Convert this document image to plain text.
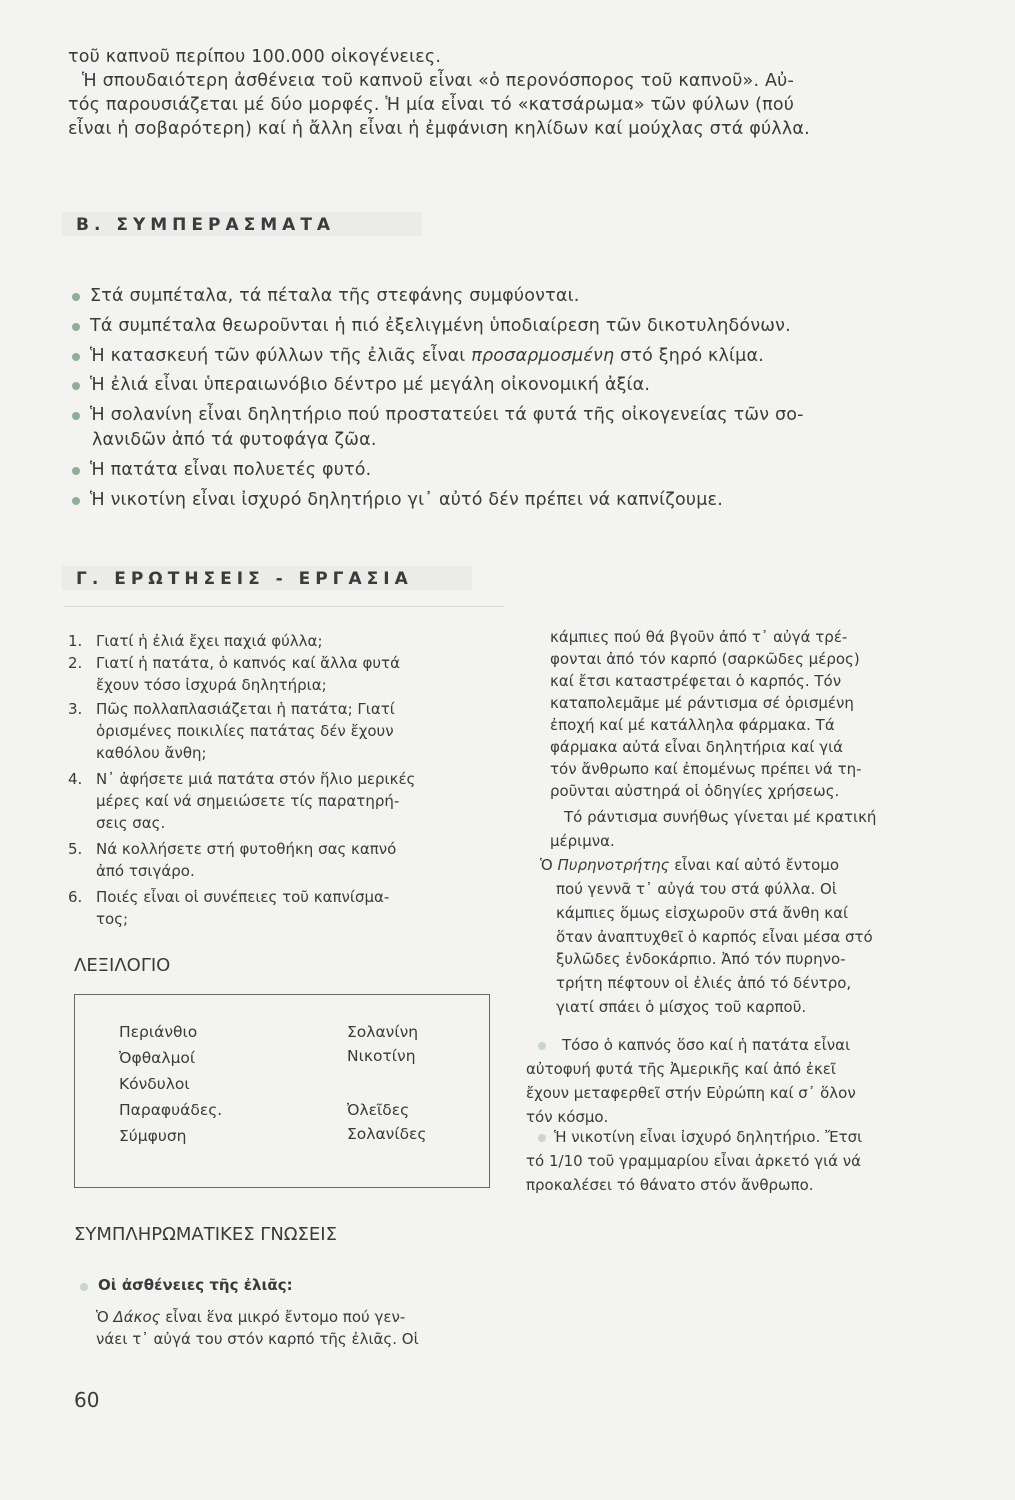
τοῦ καπνοῦ περίπου 100.000 οἰκογένειες.
Ἡ σπουδαιότερη ἀσθένεια τοῦ καπνοῦ εἶναι «ὁ περονόσπορος τοῦ καπνοῦ». Αὐ-
τός παρουσιάζεται μέ δύο μορφές. Ἡ μία εἶναι τό «κατσάρωμα» τῶν φύλων (πού
εἶναι ἡ σοβαρότερη) καί ἡ ἄλλη εἶναι ἡ ἐμφάνιση κηλίδων καί μούχλας στά φύλλα.
Β. ΣΥΜΠΕΡΑΣΜΑΤΑ
Στά συμπέταλα, τά πέταλα τῆς στεφάνης συμφύονται.
Τά συμπέταλα θεωροῦνται ἡ πιό ἐξελιγμένη ὑποδιαίρεση τῶν δικοτυληδόνων.
Ἡ κατασκευή τῶν φύλλων τῆς ἐλιᾶς εἶναι προσαρμοσμένη στό ξηρό κλίμα.
Ἡ ἐλιά εἶναι ὑπεραιωνόβιο δέντρο μέ μεγάλη οἰκονομική ἀξία.
Ἡ σολανίνη εἶναι δηλητήριο πού προστατεύει τά φυτά τῆς οἰκογενείας τῶν σο-
λανιδῶν ἀπό τά φυτοφάγα ζῶα.
Ἡ πατάτα εἶναι πολυετές φυτό.
Ἡ νικοτίνη εἶναι ἰσχυρό δηλητήριο γι᾽ αὐτό δέν πρέπει νά καπνίζουμε.
Γ. ΕΡΩΤΗΣΕΙΣ - ΕΡΓΑΣΙΑ
1. Γιατί ἡ ἐλιά ἔχει παχιά φύλλα;
2. Γιατί ἡ πατάτα, ὁ καπνός καί ἄλλα φυτά
ἔχουν τόσο ἰσχυρά δηλητήρια;
3. Πῶς πολλαπλασιάζεται ἡ πατάτα; Γιατί
ὁρισμένες ποικιλίες πατάτας δέν ἔχουν
καθόλου ἄνθη;
4. Ν᾽ ἀφήσετε μιά πατάτα στόν ἥλιο μερικές
μέρες καί νά σημειώσετε τίς παρατηρή-
σεις σας.
5. Νά κολλήσετε στή φυτοθήκη σας καπνό
ἀπό τσιγάρο.
6. Ποιές εἶναι οἱ συνέπειες τοῦ καπνίσμα-
τος;
ΛΕΞΙΛΟΓΙΟ
Περιάνθιο
Ὀφθαλμοί
Κόνδυλοι
Παραφυάδες.
Σύμφυση
Σολανίνη
Νικοτίνη
Ὀλεῖδες
Σολανίδες
ΣΥΜΠΛΗΡΩΜΑΤΙΚΕΣ ΓΝΩΣΕΙΣ
Οἱ ἀσθένειες τῆς ἐλιᾶς:
Ὁ Δάκος εἶναι ἕνα μικρό ἔντομο πού γεν-
νάει τ᾽ αὐγά του στόν καρπό τῆς ἐλιᾶς. Οἱ
κάμπιες πού θά βγοῦν ἀπό τ᾽ αὐγά τρέ-
φονται ἀπό τόν καρπό (σαρκῶδες μέρος)
καί ἔτσι καταστρέφεται ὁ καρπός. Τόν
καταπολεμᾶμε μέ ράντισμα σέ ὁρισμένη
ἐποχή καί μέ κατάλληλα φάρμακα. Τά
φάρμακα αὐτά εἶναι δηλητήρια καί γιά
τόν ἄνθρωπο καί ἐπομένως πρέπει νά τη-
ροῦνται αὐστηρά οἱ ὁδηγίες χρήσεως.
Τό ράντισμα συνήθως γίνεται μέ κρατική
μέριμνα.
Ὁ Πυρηνοτρήτης εἶναι καί αὐτό ἔντομο
πού γεννᾶ τ᾽ αὐγά του στά φύλλα. Οἱ
κάμπιες ὅμως εἰσχωροῦν στά ἄνθη καί
ὅταν ἀναπτυχθεῖ ὁ καρπός εἶναι μέσα στό
ξυλῶδες ἐνδοκάρπιο. Ἀπό τόν πυρηνο-
τρήτη πέφτουν οἱ ἐλιές ἀπό τό δέντρο,
γιατί σπάει ὁ μίσχος τοῦ καρποῦ.
Τόσο ὁ καπνός ὅσο καί ἡ πατάτα εἶναι
αὐτοφυή φυτά τῆς Ἀμερικῆς καί ἀπό ἐκεῖ
ἔχουν μεταφερθεῖ στήν Εὐρώπη καί σ᾽ ὅλον
τόν κόσμο.
Ἡ νικοτίνη εἶναι ἰσχυρό δηλητήριο. Ἔτσι
τό 1/10 τοῦ γραμμαρίου εἶναι ἀρκετό γιά νά
προκαλέσει τό θάνατο στόν ἄνθρωπο.
60
